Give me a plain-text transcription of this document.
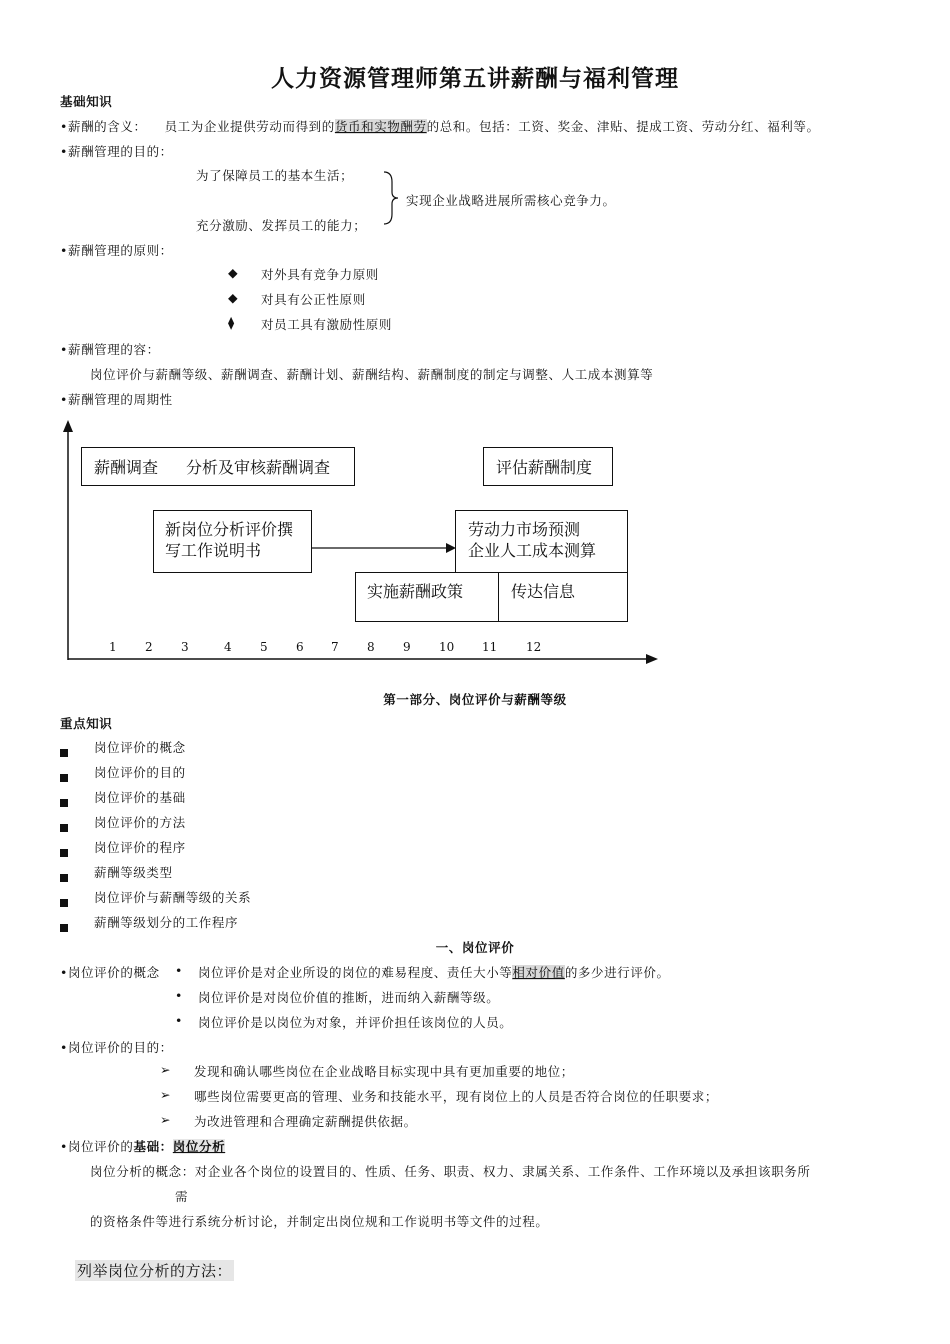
人力资源管理师第五讲薪酬与福利管理
基础知识
•薪酬的含义： 员工为企业提供劳动而得到的货币和实物酬劳的总和。包括：工资、奖金、津贴、提成工资、劳动分红、福利等。
•薪酬管理的目的：
为了保障员工的基本生活；
充分激励、发挥员工的能力；
实现企业战略进展所需核心竞争力。
•薪酬管理的原则：
◆ 对外具有竞争力原则
◆ 对具有公正性原则
⧫ 对员工具有激励性原则
•薪酬管理的容：
岗位评价与薪酬等级、薪酬调查、薪酬计划、薪酬结构、薪酬制度的制定与调整、人工成本测算等
•薪酬管理的周期性
薪酬调查 分析及审核薪酬调查	评估薪酬制度
新岗位分析评价撰
写工作说明书
劳动力市场预测
企业人工成本测算
实施薪酬政策	传达信息
1 2 3	4 5 6 7 8 9 10 11 12
第一部分、岗位评价与薪酬等级
重点知识
岗位评价的概念
岗位评价的目的
岗位评价的基础
岗位评价的方法
岗位评价的程序
薪酬等级类型
岗位评价与薪酬等级的关系
薪酬等级划分的工作程序
一、岗位评价
•岗位评价的概念 • 岗位评价是对企业所设的岗位的难易程度、责任大小等相对价值的多少进行评价。
• 岗位评价是对岗位价值的推断，进而纳入薪酬等级。
• 岗位评价是以岗位为对象，并评价担任该岗位的人员。
•岗位评价的目的：
➢ 发现和确认哪些岗位在企业战略目标实现中具有更加重要的地位；
➢ 哪些岗位需要更高的管理、业务和技能水平，现有岗位上的人员是否符合岗位的任职要求；
➢ 为改进管理和合理确定薪酬提供依据。
•岗位评价的基础：岗位分析
岗位分析的概念：对企业各个岗位的设置目的、性质、任务、职责、权力、隶属关系、工作条件、工作环境以及承担该职务所
需
的资格条件等进行系统分析讨论，并制定出岗位规和工作说明书等文件的过程。
列举岗位分析的方法：
